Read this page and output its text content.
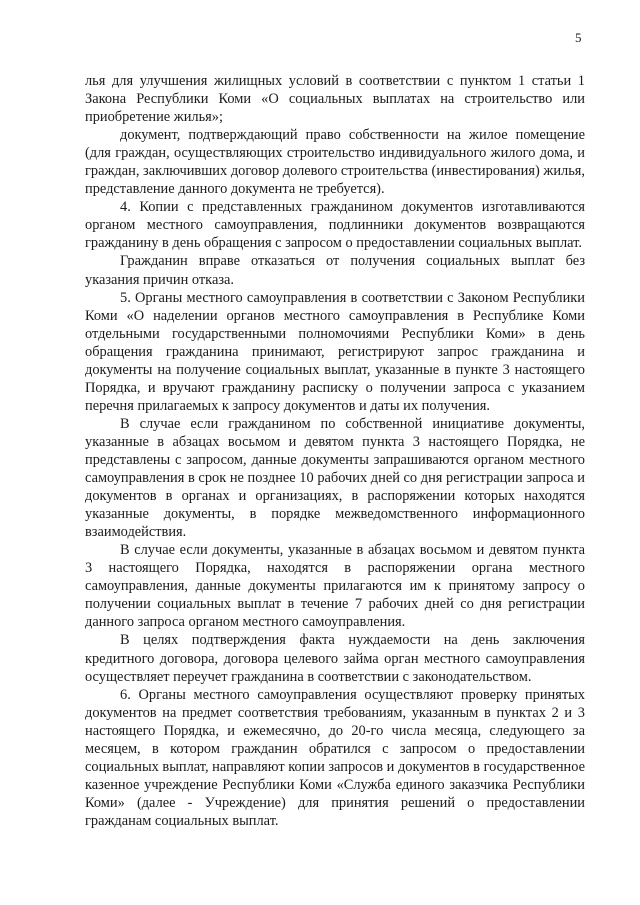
5

лья для улучшения жилищных условий в соответствии с пунктом 1 статьи 1 Закона Республики Коми «О социальных выплатах на строительство или приобретение жилья»;

документ, подтверждающий право собственности на жилое помещение (для граждан, осуществляющих строительство индивидуального жилого дома, и граждан, заключивших договор долевого строительства (инвестирования) жилья, представление данного документа не требуется).

4. Копии с представленных гражданином документов изготавливаются органом местного самоуправления, подлинники документов возвращаются гражданину в день обращения с запросом о предоставлении социальных выплат.

Гражданин вправе отказаться от получения социальных выплат без указания причин отказа.

5. Органы местного самоуправления в соответствии с Законом Республики Коми «О наделении органов местного самоуправления в Республике Коми отдельными государственными полномочиями Республики Коми» в день обращения гражданина принимают, регистрируют запрос гражданина и документы на получение социальных выплат, указанные в пункте 3 настоящего Порядка, и вручают гражданину расписку о получении запроса с указанием перечня прилагаемых к запросу документов и даты их получения.

В случае если гражданином по собственной инициативе документы, указанные в абзацах восьмом и девятом пункта 3 настоящего Порядка, не представлены с запросом, данные документы запрашиваются органом местного самоуправления в срок не позднее 10 рабочих дней со дня регистрации запроса и документов в органах и организациях, в распоряжении которых находятся указанные документы, в порядке межведомственного информационного взаимодействия.

В случае если документы, указанные в абзацах восьмом и девятом пункта 3 настоящего Порядка, находятся в распоряжении органа местного самоуправления, данные документы прилагаются им к принятому запросу о получении социальных выплат в течение 7 рабочих дней со дня регистрации данного запроса органом местного самоуправления.

В целях подтверждения факта нуждаемости на день заключения кредитного договора, договора целевого займа орган местного самоуправления осуществляет переучет гражданина в соответствии с законодательством.

6. Органы местного самоуправления осуществляют проверку принятых документов на предмет соответствия требованиям, указанным в пунктах 2 и 3 настоящего Порядка, и ежемесячно, до 20-го числа месяца, следующего за месяцем, в котором гражданин обратился с запросом о предоставлении социальных выплат, направляют копии запросов и документов в государственное казенное учреждение Республики Коми «Служба единого заказчика Республики Коми» (далее - Учреждение) для принятия решений о предоставлении гражданам социальных выплат.
